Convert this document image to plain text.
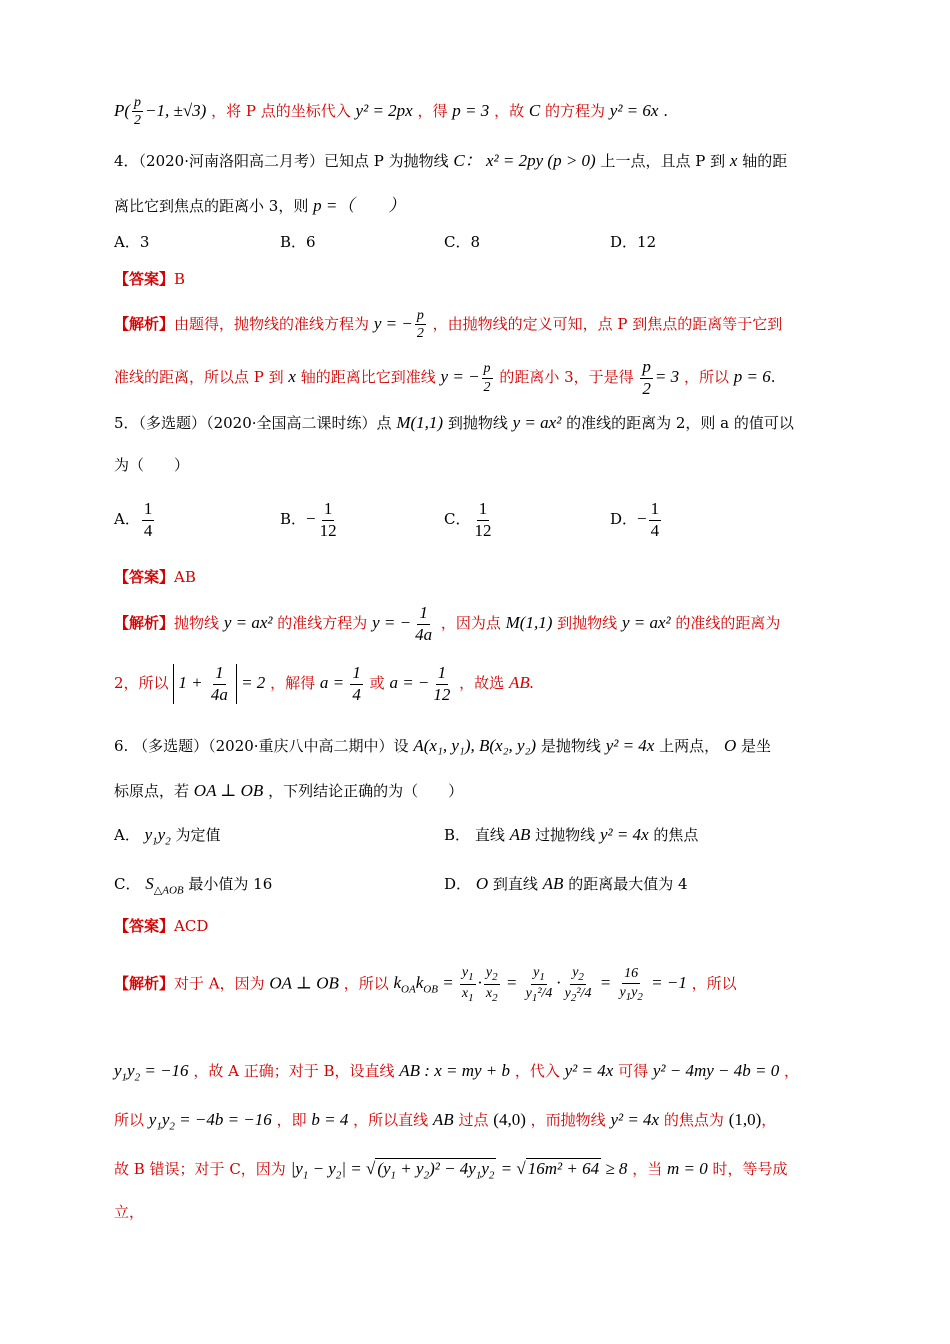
$P( \frac{p}{2} -1$, ±√3) ，将 P 点的坐标代入 y² = 2px ，得 p = 3 ，故 C 的方程为 y² = 6x .
4．（2020·河南洛阳高二月考）已知点 P 为抛物线 C： x² = 2py (p > 0) 上一点，且点 P 到 x 轴的距
离比它到焦点的距离小 3，则 p =（　　）
A．3	B．6	C．8	D．12
【答案】B
【解析】由题得，抛物线的准线方程为 y = − $\frac{p}{2}$ ，由抛物线的定义可知，点 P 到焦点的距离等于它到
准线的距离，所以点 P 到 x 轴的距离比它到准线 y = − $\frac{p}{2}$ 的距离小 3，于是得 $\frac{p}{2} = 3$ ，所以 p = 6.
5．（多选题）（2020·全国高二课时练）点 M(1,1) 到抛物线 y = ax² 的准线的距离为 2，则 a 的值可以
为（　　）
A． $\frac{1}{4}$	B．− $\frac{1}{12}$	C． $\frac{1}{12}$	D．− $\frac{1}{4}$
【答案】AB
【解析】抛物线 y = ax² 的准线方程为 y = − $\frac{1}{4a}$ ，因为点 M(1,1) 到抛物线 y = ax² 的准线的距离为
2，所以 $1 + \frac{1}{4a} = 2$ ，解得 $a = \frac{1}{4}$ 或 a = − $\frac{1}{12}$ ，故选 AB.
6. （多选题）（2020·重庆八中高二期中）设 A(x₁, y₁), B(x₂, y₂) 是抛物线 y² = 4x 上两点， O 是坐
标原点，若 OA ⊥ OB ，下列结论正确的为（　　）
A． $y_1y_2$ 为定值	B． 直线 AB 过抛物线 y² = 4x 的焦点
C． $S_{\triangle AOB}$ 最小值为 16	D． O 到直线 AB 的距离最大值为 4
【答案】ACD
【解析】对于 A，因为 OA ⊥ OB ，所以 $k_{OA}k_{OB} = \frac{y_1}{x_1} \cdot \frac{y_2}{x_2} = \frac{y_1}{y_1^2/4} \cdot \frac{y_2}{y_2^2/4} = \frac{16}{y_1y_2} = -1$ ，所以
$y_1y_2 = -16$ ，故 A 正确；对于 B，设直线 AB : x = my + b ，代入 y² = 4x 可得 y² − 4my − 4b = 0 ，
所以 $y_1y_2 = -4b = -16$ ，即 b = 4 ，所以直线 AB 过点 (4,0) ，而抛物线 y² = 4x 的焦点为 (1,0)，
故 B 错误；对于 C，因为 $|y_1 - y_2|$ = √ $(y_1 + y_2)^2 - 4y_1y_2$ = √ 16m² + 64 ≥ 8 ，当 m = 0 时，等号成
立，
